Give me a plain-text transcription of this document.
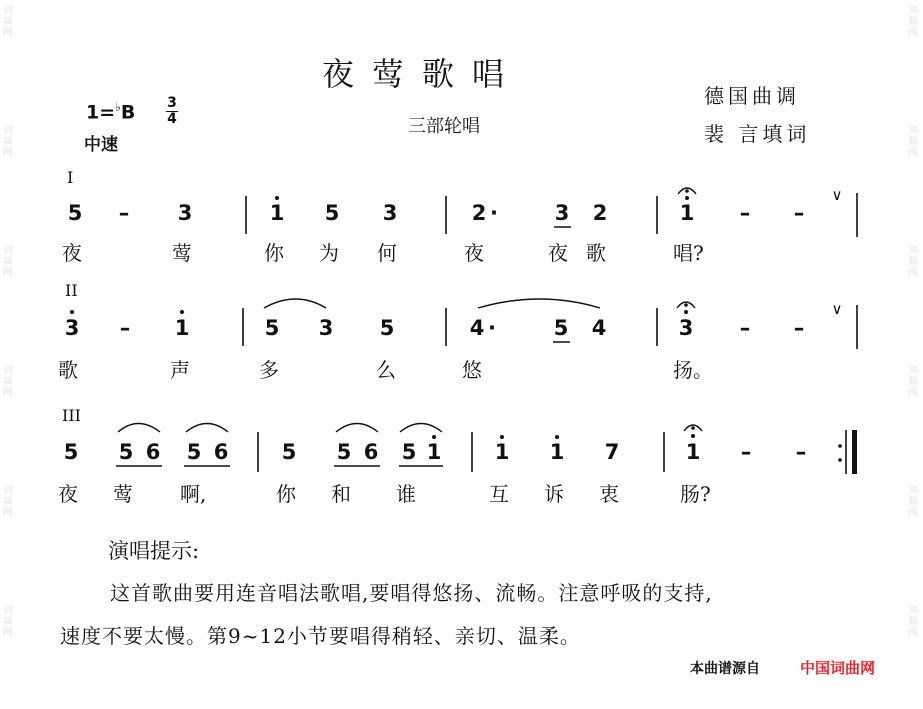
夜莺歌唱
三部轮唱
德国曲调
裴 言填词
1=♭B 3
4
中速
I
II
III
5 – 3	1 5 3	2 ·	3 2	1 – –
∨
夜	莺	你 为 何	夜	夜 歌	唱?
3 – 1	5 3 5	4 ·	5 4	3 – –
∨
歌	声	多	么	悠	扬。
5 5 6 5 6	5 5 6 5 1	1 1 7	1 – –
夜 莺 啊,	你 和 谁	互 诉 衷	肠?
演唱提示:
这首歌曲要用连音唱法歌唱,要唱得悠扬、流畅。注意呼吸的支持,
速度不要太慢。第9~12小节要唱得稍轻、亲切、温柔。
本曲谱源自	中国词曲网
词
曲
网
词
曲
网
词
曲
网
词
曲
网
词
曲
网
词
曲
网
词
曲
网
词
曲
网
词
曲
网
词
曲
网
词
曲
网
词
曲
网
